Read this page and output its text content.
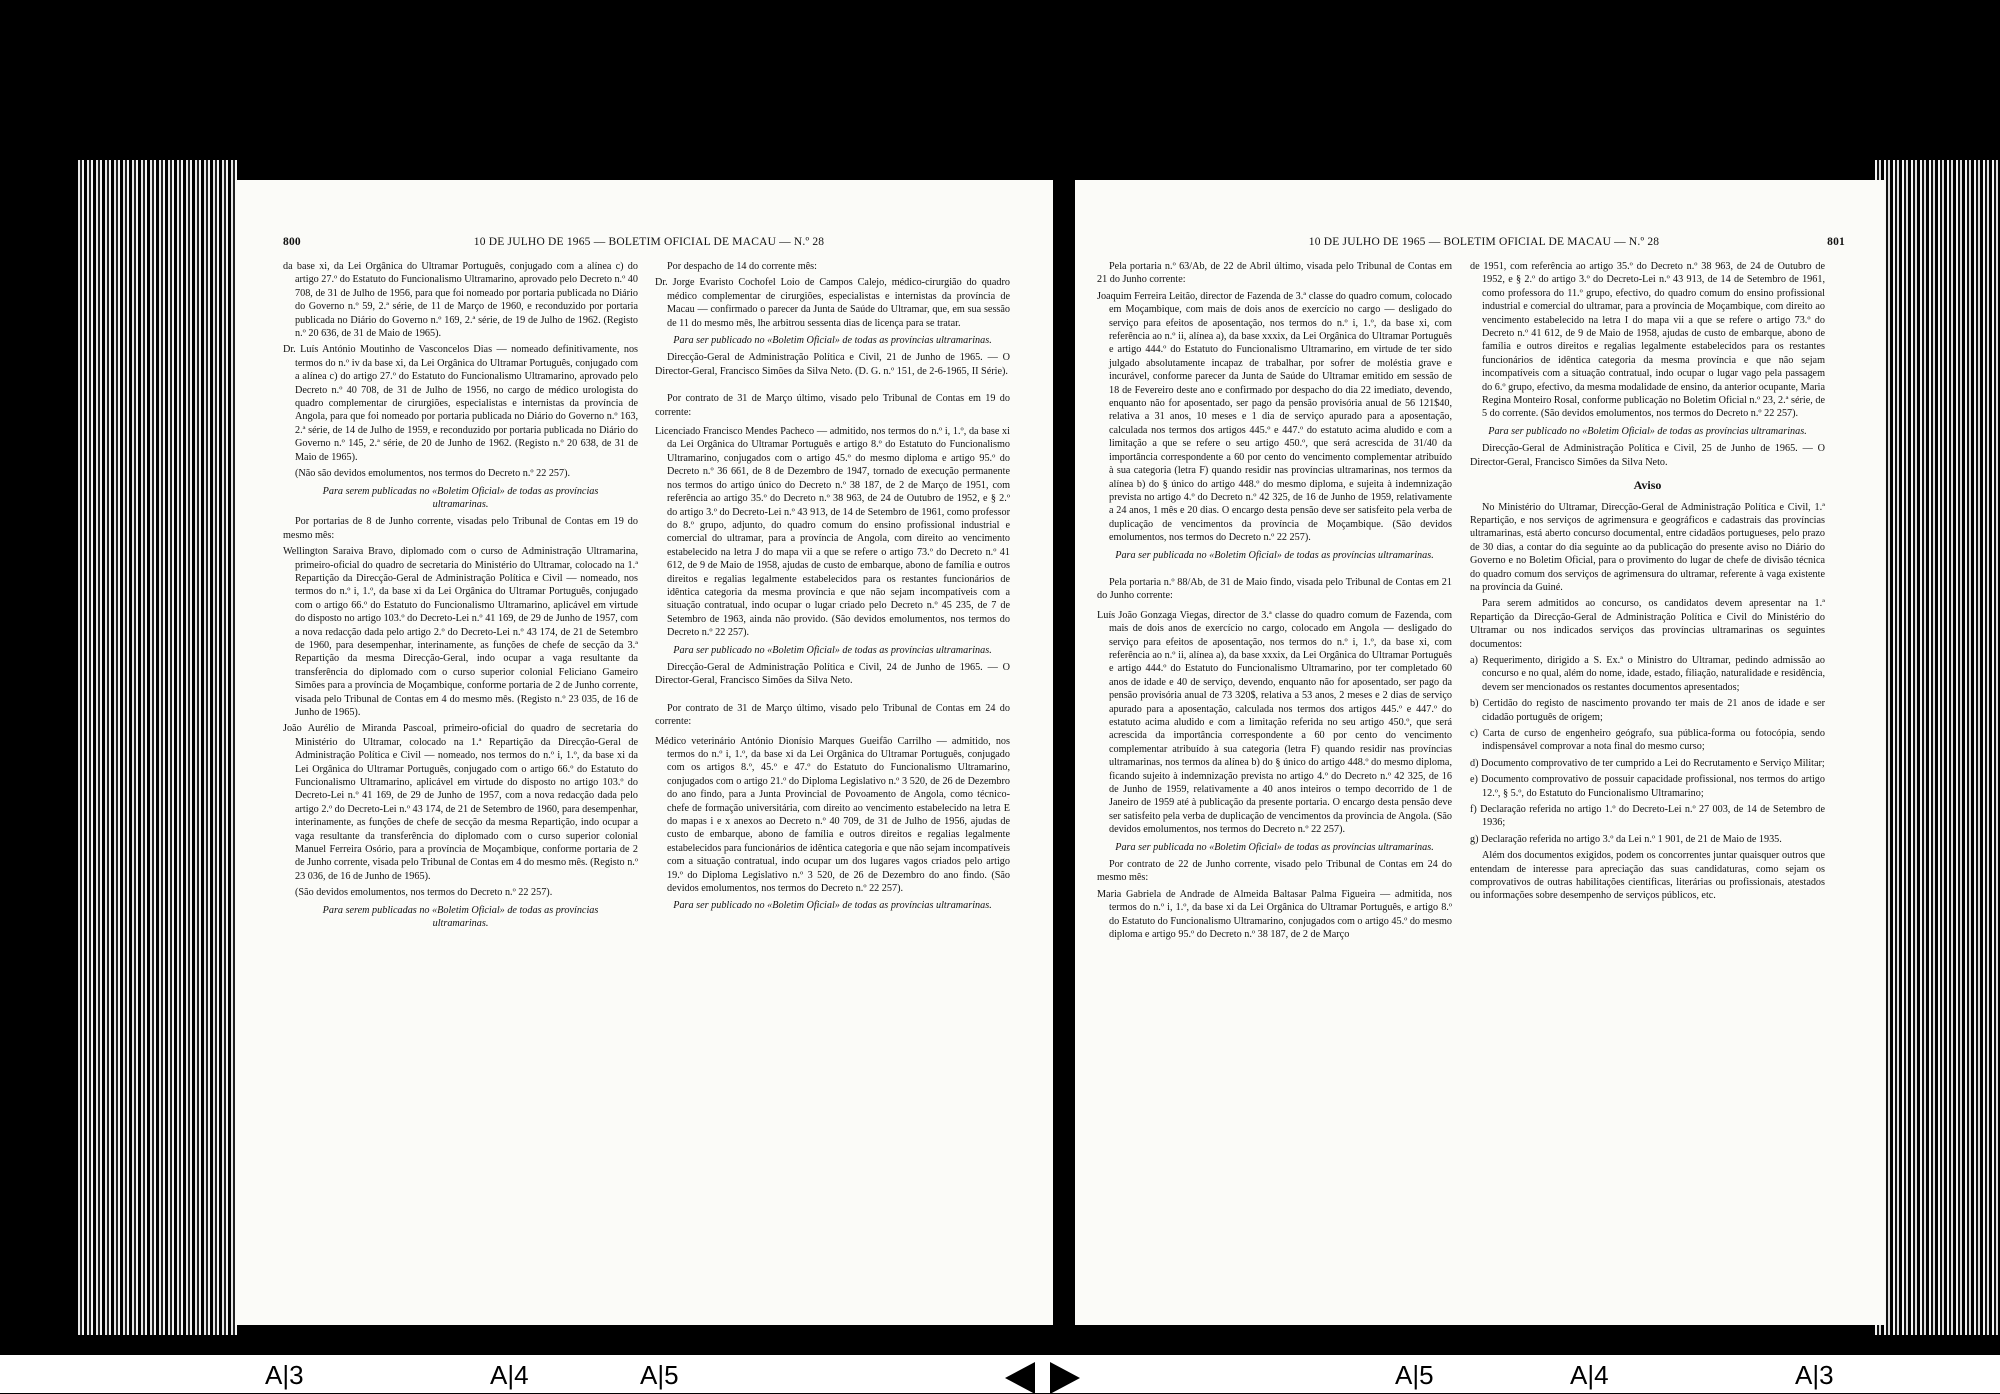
800	10 DE JULHO DE 1965 — BOLETIM OFICIAL DE MACAU — N.º 28

da base xi, da Lei Orgânica do Ultramar Português, conjugado com a alínea c) do artigo 27.º do Estatuto do Funcionalismo Ultramarino, aprovado pelo Decreto n.º 40 708, de 31 de Julho de 1956, para que foi nomeado por portaria publicada no Diário do Governo n.º 59, 2.ª série, de 11 de Março de 1960, e reconduzido por portaria publicada no Diário do Governo n.º 169, 2.ª série, de 19 de Julho de 1962. (Registo n.º 20 636, de 31 de Maio de 1965).

Dr. Luís António Moutinho de Vasconcelos Dias — nomeado definitivamente, nos termos do n.º iv da base xi, da Lei Orgânica do Ultramar Português, conjugado com a alínea c) do artigo 27.º do Estatuto do Funcionalismo Ultramarino, aprovado pelo Decreto n.º 40 708, de 31 de Julho de 1956, no cargo de médico urologista do quadro complementar de cirurgiões, especialistas e internistas da província de Angola, para que foi nomeado por portaria publicada no Diário do Governo n.º 163, 2.ª série, de 14 de Julho de 1959, e reconduzido por portaria publicada no Diário do Governo n.º 145, 2.ª série, de 20 de Junho de 1962. (Registo n.º 20 638, de 31 de Maio de 1965).

(Não são devidos emolumentos, nos termos do Decreto n.º 22 257).

Para serem publicadas no «Boletim Oficial» de todas as províncias ultramarinas.

Por portarias de 8 de Junho corrente, visadas pelo Tribunal de Contas em 19 do mesmo mês:

Wellington Saraiva Bravo, diplomado com o curso de Administração Ultramarina, primeiro-oficial do quadro de secretaria do Ministério do Ultramar, colocado na 1.ª Repartição da Direcção-Geral de Administração Política e Civil — nomeado, nos termos do n.º i, 1.º, da base xi da Lei Orgânica do Ultramar Português, conjugado com o artigo 66.º do Estatuto do Funcionalismo Ultramarino, aplicável em virtude do disposto no artigo 103.º do Decreto-Lei n.º 41 169, de 29 de Junho de 1957, com a nova redacção dada pelo artigo 2.º do Decreto-Lei n.º 43 174, de 21 de Setembro de 1960, para desempenhar, interinamente, as funções de chefe de secção da 3.ª Repartição da mesma Direcção-Geral, indo ocupar a vaga resultante da transferência do diplomado com o curso superior colonial Feliciano Gameiro Simões para a província de Moçambique, conforme portaria de 2 de Junho corrente, visada pelo Tribunal de Contas em 4 do mesmo mês. (Registo n.º 23 035, de 16 de Junho de 1965).

João Aurélio de Miranda Pascoal, primeiro-oficial do quadro de secretaria do Ministério do Ultramar, colocado na 1.ª Repartição da Direcção-Geral de Administração Política e Civil — nomeado, nos termos do n.º i, 1.º, da base xi da Lei Orgânica do Ultramar Português, conjugado com o artigo 66.º do Estatuto do Funcionalismo Ultramarino, aplicável em virtude do disposto no artigo 103.º do Decreto-Lei n.º 41 169, de 29 de Junho de 1957, com a nova redacção dada pelo artigo 2.º do Decreto-Lei n.º 43 174, de 21 de Setembro de 1960, para desempenhar, interinamente, as funções de chefe de secção da mesma Repartição, indo ocupar a vaga resultante da transferência do diplomado com o curso superior colonial Manuel Ferreira Osório, para a província de Moçambique, conforme portaria de 2 de Junho corrente, visada pelo Tribunal de Contas em 4 do mesmo mês. (Registo n.º 23 036, de 16 de Junho de 1965).

(São devidos emolumentos, nos termos do Decreto n.º 22 257).

Para serem publicadas no «Boletim Oficial» de todas as províncias ultramarinas.

Por despacho de 14 do corrente mês:

Dr. Jorge Evaristo Cochofel Loio de Campos Calejo, médico-cirurgião do quadro médico complementar de cirurgiões, especialistas e internistas da província de Macau — confirmado o parecer da Junta de Saúde do Ultramar, que, em sua sessão de 11 do mesmo mês, lhe arbitrou sessenta dias de licença para se tratar.

Para ser publicado no «Boletim Oficial» de todas as províncias ultramarinas.

Direcção-Geral de Administração Política e Civil, 21 de Junho de 1965. — O Director-Geral, Francisco Simões da Silva Neto. (D. G. n.º 151, de 2-6-1965, II Série).

Por contrato de 31 de Março último, visado pelo Tribunal de Contas em 19 do corrente:

Licenciado Francisco Mendes Pacheco — admitido, nos termos do n.º i, 1.º, da base xi da Lei Orgânica do Ultramar Português e artigo 8.º do Estatuto do Funcionalismo Ultramarino, conjugados com o artigo 45.º do mesmo diploma e artigo 95.º do Decreto n.º 36 661, de 8 de Dezembro de 1947, tornado de execução permanente nos termos do artigo único do Decreto n.º 38 187, de 2 de Março de 1951, com referência ao artigo 35.º do Decreto n.º 38 963, de 24 de Outubro de 1952, e § 2.º do artigo 3.º do Decreto-Lei n.º 43 913, de 14 de Setembro de 1961, como professor do 8.º grupo, adjunto, do quadro comum do ensino profissional industrial e comercial do ultramar, para a província de Angola, com direito ao vencimento estabelecido na letra J do mapa vii a que se refere o artigo 73.º do Decreto n.º 41 612, de 9 de Maio de 1958, ajudas de custo de embarque, abono de família e outros direitos e regalias legalmente estabelecidos para os restantes funcionários de idêntica categoria da mesma província e que não sejam incompatíveis com a situação contratual, indo ocupar o lugar criado pelo Decreto n.º 45 235, de 7 de Setembro de 1963, ainda não provido. (São devidos emolumentos, nos termos do Decreto n.º 22 257).

Para ser publicado no «Boletim Oficial» de todas as províncias ultramarinas.

Direcção-Geral de Administração Política e Civil, 24 de Junho de 1965. — O Director-Geral, Francisco Simões da Silva Neto.

Por contrato de 31 de Março último, visado pelo Tribunal de Contas em 24 do corrente:

Médico veterinário António Dionísio Marques Gueifão Carrilho — admitido, nos termos do n.º i, 1.º, da base xi da Lei Orgânica do Ultramar Português, conjugado com os artigos 8.º, 45.º e 47.º do Estatuto do Funcionalismo Ultramarino, conjugados com o artigo 21.º do Diploma Legislativo n.º 3 520, de 26 de Dezembro do ano findo, para a Junta Provincial de Povoamento de Angola, como técnico-chefe de formação universitária, com direito ao vencimento estabelecido na letra E do mapas i e x anexos ao Decreto n.º 40 709, de 31 de Julho de 1956, ajudas de custo de embarque, abono de família e outros direitos e regalias legalmente estabelecidos para funcionários de idêntica categoria e que não sejam incompatíveis com a situação contratual, indo ocupar um dos lugares vagos criados pelo artigo 19.º do Diploma Legislativo n.º 3 520, de 26 de Dezembro do ano findo. (São devidos emolumentos, nos termos do Decreto n.º 22 257).

Para ser publicado no «Boletim Oficial» de todas as províncias ultramarinas.

801
10 DE JULHO DE 1965 — BOLETIM OFICIAL DE MACAU — N.º 28

Pela portaria n.º 63/Ab, de 22 de Abril último, visada pelo Tribunal de Contas em 21 do Junho corrente:

Joaquim Ferreira Leitão, director de Fazenda de 3.ª classe do quadro comum, colocado em Moçambique, com mais de dois anos de exercício no cargo — desligado do serviço para efeitos de aposentação, nos termos do n.º i, 1.º, da base xi, com referência ao n.º ii, alínea a), da base xxxix, da Lei Orgânica do Ultramar Português e artigo 444.º do Estatuto do Funcionalismo Ultramarino, em virtude de ter sido julgado absolutamente incapaz de trabalhar, por sofrer de moléstia grave e incurável, conforme parecer da Junta de Saúde do Ultramar emitido em sessão de 18 de Fevereiro deste ano e confirmado por despacho do dia 22 imediato, devendo, enquanto não for aposentado, ser pago da pensão provisória anual de 56 121$40, relativa a 31 anos, 10 meses e 1 dia de serviço apurado para a aposentação, calculada nos termos dos artigos 445.º e 447.º do estatuto acima aludido e com a limitação a que se refere o seu artigo 450.º, que será acrescida de 31/40 da importância correspondente a 60 por cento do vencimento complementar atribuído à sua categoria (letra F) quando residir nas províncias ultramarinas, nos termos da alínea b) do § único do artigo 448.º do mesmo diploma, e sujeita à indemnização prevista no artigo 4.º do Decreto n.º 42 325, de 16 de Junho de 1959, relativamente a 24 anos, 1 mês e 20 dias. O encargo desta pensão deve ser satisfeito pela verba de duplicação de vencimentos da província de Moçambique. (São devidos emolumentos, nos termos do Decreto n.º 22 257).

Para ser publicada no «Boletim Oficial» de todas as províncias ultramarinas.

Pela portaria n.º 88/Ab, de 31 de Maio findo, visada pelo Tribunal de Contas em 21 do Junho corrente:

Luís João Gonzaga Viegas, director de 3.ª classe do quadro comum de Fazenda, com mais de dois anos de exercício no cargo, colocado em Angola — desligado do serviço para efeitos de aposentação, nos termos do n.º i, 1.º, da base xi, com referência ao n.º ii, alínea a), da base xxxix, da Lei Orgânica do Ultramar Português e artigo 444.º do Estatuto do Funcionalismo Ultramarino, por ter completado 60 anos de idade e 40 de serviço, devendo, enquanto não for aposentado, ser pago da pensão provisória anual de 73 320$, relativa a 53 anos, 2 meses e 2 dias de serviço apurado para a aposentação, calculada nos termos dos artigos 445.º e 447.º do estatuto acima aludido e com a limitação referida no seu artigo 450.º, que será acrescida da importância correspondente a 60 por cento do vencimento complementar atribuído à sua categoria (letra F) quando residir nas províncias ultramarinas, nos termos da alínea b) do § único do artigo 448.º do mesmo diploma, ficando sujeito à indemnização prevista no artigo 4.º do Decreto n.º 42 325, de 16 de Junho de 1959, relativamente a 40 anos inteiros o tempo decorrido de 1 de Janeiro de 1959 até à publicação da presente portaria. O encargo desta pensão deve ser satisfeito pela verba de duplicação de vencimentos da província de Angola. (São devidos emolumentos, nos termos do Decreto n.º 22 257).

Para ser publicada no «Boletim Oficial» de todas as províncias ultramarinas.

Por contrato de 22 de Junho corrente, visado pelo Tribunal de Contas em 24 do mesmo mês:

Maria Gabriela de Andrade de Almeida Baltasar Palma Figueira — admitida, nos termos do n.º i, 1.º, da base xi da Lei Orgânica do Ultramar Português, e artigo 8.º do Estatuto do Funcionalismo Ultramarino, conjugados com o artigo 45.º do mesmo diploma e artigo 95.º do Decreto n.º 38 187, de 2 de Março

de 1951, com referência ao artigo 35.º do Decreto n.º 38 963, de 24 de Outubro de 1952, e § 2.º do artigo 3.º do Decreto-Lei n.º 43 913, de 14 de Setembro de 1961, como professora do 11.º grupo, efectivo, do quadro comum do ensino profissional industrial e comercial do ultramar, para a província de Moçambique, com direito ao vencimento estabelecido na letra I do mapa vii a que se refere o artigo 73.º do Decreto n.º 41 612, de 9 de Maio de 1958, ajudas de custo de embarque, abono de família e outros direitos e regalias legalmente estabelecidos para os restantes funcionários de idêntica categoria da mesma província e que não sejam incompatíveis com a situação contratual, indo ocupar o lugar vago pela passagem do 6.º grupo, efectivo, da mesma modalidade de ensino, da anterior ocupante, Maria Regina Monteiro Rosal, conforme publicação no Boletim Oficial n.º 23, 2.ª série, de 5 do corrente. (São devidos emolumentos, nos termos do Decreto n.º 22 257).

Para ser publicado no «Boletim Oficial» de todas as províncias ultramarinas.

Direcção-Geral de Administração Política e Civil, 25 de Junho de 1965. — O Director-Geral, Francisco Simões da Silva Neto.

Aviso

No Ministério do Ultramar, Direcção-Geral de Administração Política e Civil, 1.ª Repartição, e nos serviços de agrimensura e geográficos e cadastrais das províncias ultramarinas, está aberto concurso documental, entre cidadãos portugueses, pelo prazo de 30 dias, a contar do dia seguinte ao da publicação do presente aviso no Diário do Governo e no Boletim Oficial, para o provimento do lugar de chefe de divisão técnica do quadro comum dos serviços de agrimensura do ultramar, referente à vaga existente na província da Guiné.

Para serem admitidos ao concurso, os candidatos devem apresentar na 1.ª Repartição da Direcção-Geral de Administração Política e Civil do Ministério do Ultramar ou nos indicados serviços das províncias ultramarinas os seguintes documentos:

a) Requerimento, dirigido a S. Ex.ª o Ministro do Ultramar, pedindo admissão ao concurso e no qual, além do nome, idade, estado, filiação, naturalidade e residência, devem ser mencionados os restantes documentos apresentados;

b) Certidão do registo de nascimento provando ter mais de 21 anos de idade e ser cidadão português de origem;

c) Carta de curso de engenheiro geógrafo, sua pública-forma ou fotocópia, sendo indispensável comprovar a nota final do mesmo curso;

d) Documento comprovativo de ter cumprido a Lei do Recrutamento e Serviço Militar;

e) Documento comprovativo de possuir capacidade profissional, nos termos do artigo 12.º, § 5.º, do Estatuto do Funcionalismo Ultramarino;

f) Declaração referida no artigo 1.º do Decreto-Lei n.º 27 003, de 14 de Setembro de 1936;

g) Declaração referida no artigo 3.º da Lei n.º 1 901, de 21 de Maio de 1935.

Além dos documentos exigidos, podem os concorrentes juntar quaisquer outros que entendam de interesse para apreciação das suas candidaturas, como sejam os comprovativos de outras habilitações científicas, literárias ou profissionais, atestados ou informações sobre desempenho de serviços públicos, etc.

A|3	A|4	A|5	A|5	A|4	A|3
